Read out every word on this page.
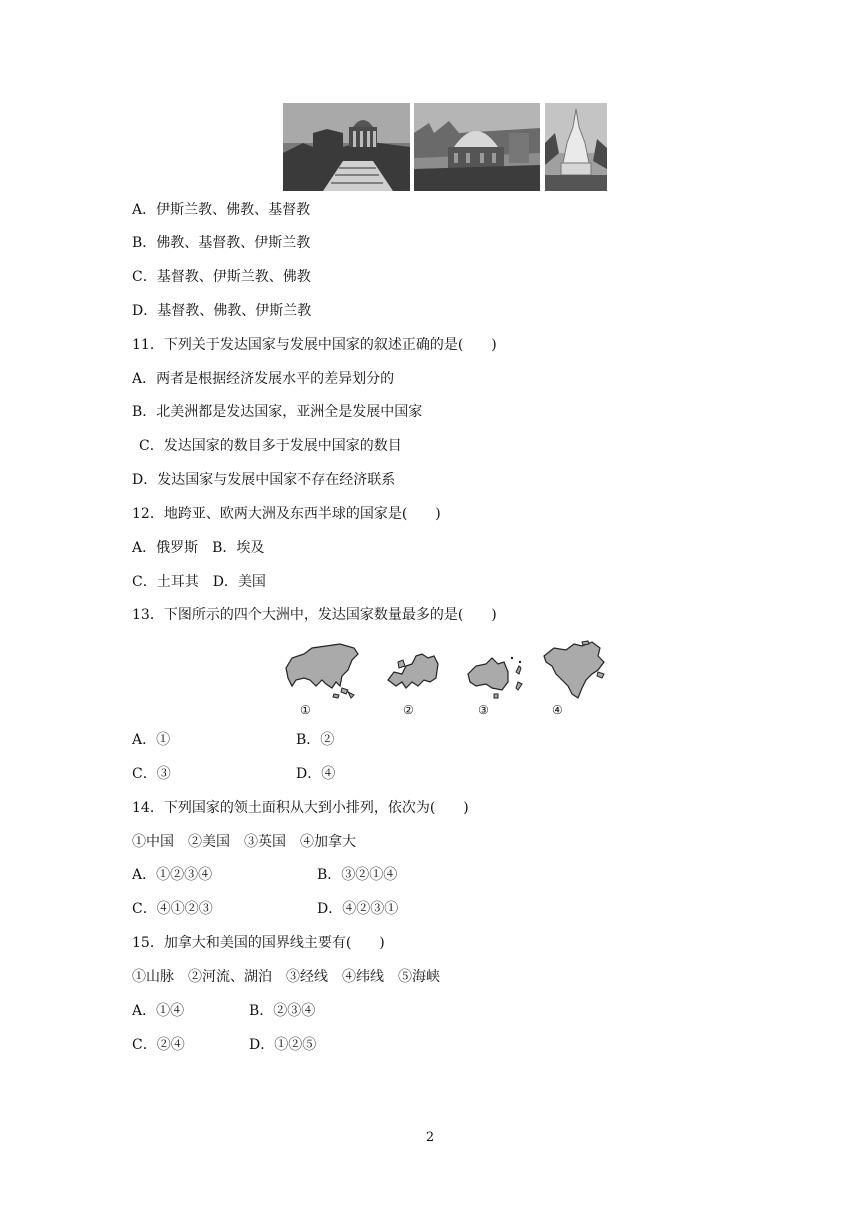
A．伊斯兰教、佛教、基督教
B．佛教、基督教、伊斯兰教
C．基督教、伊斯兰教、佛教
D．基督教、佛教、伊斯兰教
11．下列关于发达国家与发展中国家的叙述正确的是(　　)
A．两者是根据经济发展水平的差异划分的
B．北美洲都是发达国家，亚洲全是发展中国家
C．发达国家的数目多于发展中国家的数目
D．发达国家与发展中国家不存在经济联系
12．地跨亚、欧两大洲及东西半球的国家是(　　)
A．俄罗斯　B．埃及
C．土耳其　D．美国
13．下图所示的四个大洲中，发达国家数量最多的是(　　)
①	②	③	④
A．①	B．②
C．③	D．④
14．下列国家的领土面积从大到小排列，依次为(　　)
①中国　②美国　③英国　④加拿大
A．①②③④	B．③②①④
C．④①②③	D．④②③①
15．加拿大和美国的国界线主要有(　　)
①山脉　②河流、湖泊　③经线　④纬线　⑤海峡
A．①④	B．②③④
C．②④	D．①②⑤
2
